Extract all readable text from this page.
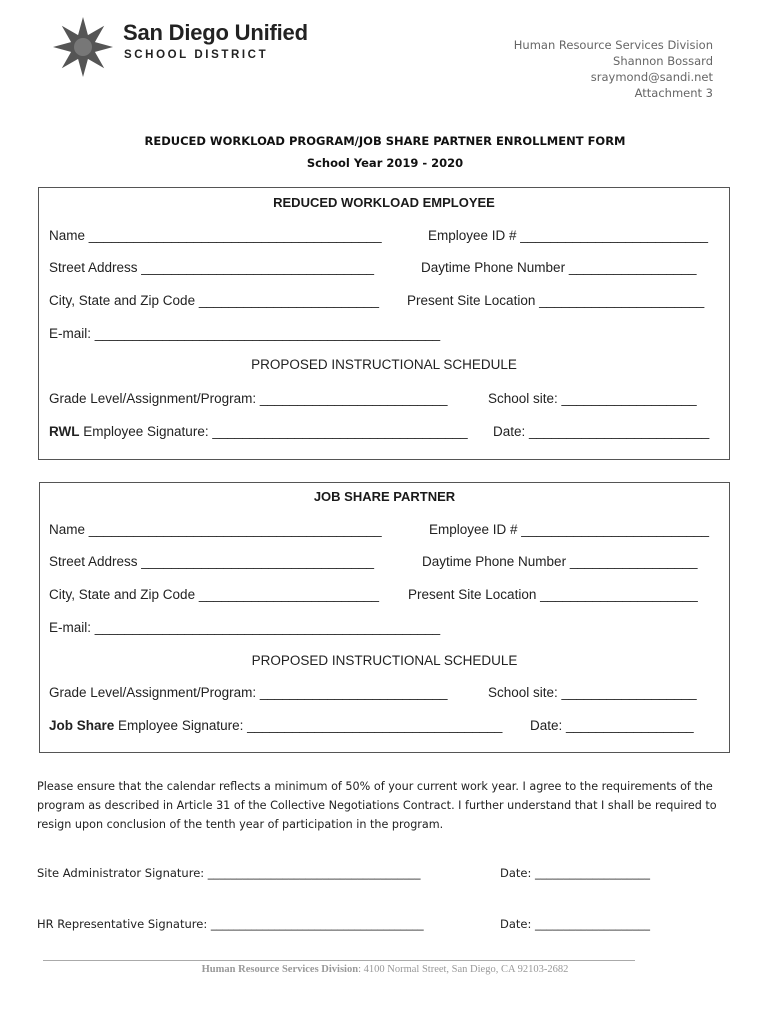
San Diego Unified
SCHOOL DISTRICT
Human Resource Services Division
Shannon Bossard
sraymond@sandi.net
Attachment 3
REDUCED WORKLOAD PROGRAM/JOB SHARE PARTNER ENROLLMENT FORM
School Year 2019 - 2020
REDUCED WORKLOAD EMPLOYEE
Name _______________________________________	Employee ID # _________________________
Street Address _______________________________	Daytime Phone Number _________________
City, State and Zip Code ________________________ Present Site Location ______________________
E-mail: ______________________________________________
PROPOSED INSTRUCTIONAL SCHEDULE
Grade Level/Assignment/Program: _________________________	School site: __________________
RWL Employee Signature: __________________________________ Date: ________________________
JOB SHARE PARTNER
Name _______________________________________	Employee ID # _________________________
Street Address _______________________________	Daytime Phone Number _________________
City, State and Zip Code ________________________ Present Site Location _____________________
E-mail: ______________________________________________
PROPOSED INSTRUCTIONAL SCHEDULE
Grade Level/Assignment/Program: _________________________	School site: __________________
Job Share Employee Signature: __________________________________ Date: _________________
Please ensure that the calendar reflects a minimum of 50% of your current work year. I agree to the requirements of the
program as described in Article 31 of the Collective Negotiations Contract. I further understand that I shall be required to
resign upon conclusion of the tenth year of participation in the program.
Site Administrator Signature: _____________________________________	Date: ____________________
HR Representative Signature: _____________________________________	Date: ____________________
Human Resource Services Division: 4100 Normal Street, San Diego, CA 92103-2682
